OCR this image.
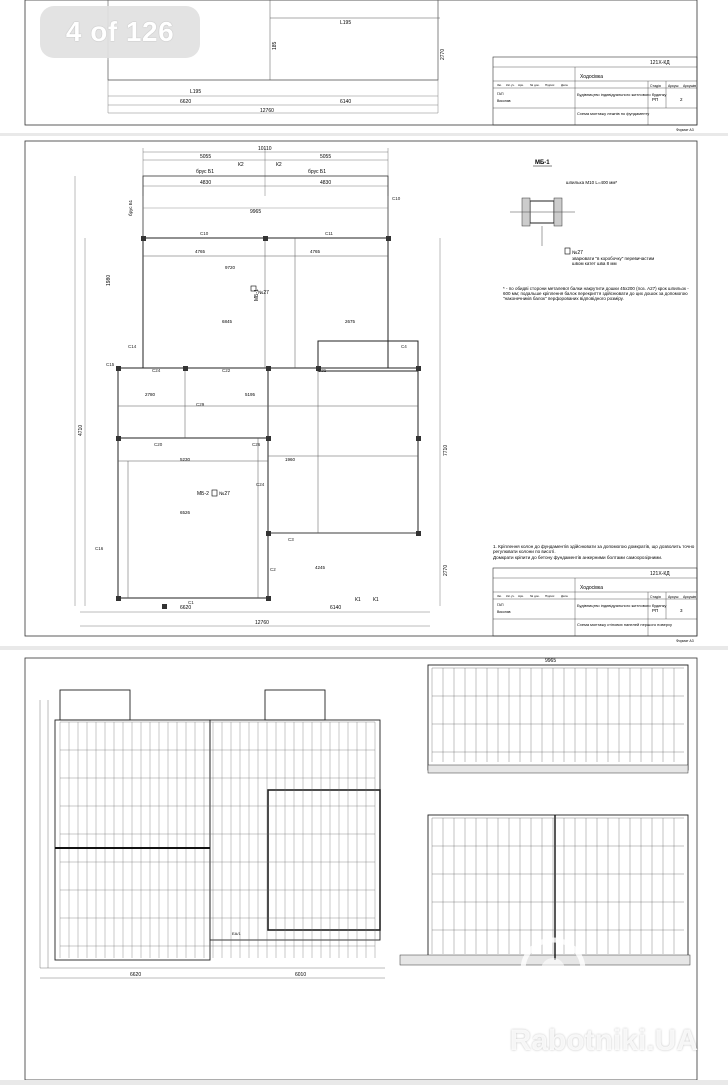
L195
L195
6620	6140
12760
2770
185
121Х-КД
Ходосівка
Будівництво індивідуального житлового будинку
Стадія Аркуш Аркушів
РП	2
Схема монтажу лежнів по фундаменту
Зм. Кіл.уч. Арк. № док. Підпис Дата
ГАП
Виконав
Формат А3
10110
5055	5055
4830	4830
К2	К2
брус Б1	брус Б1
9965
брус Б1
4765	4765
9720
6845	2675
5195
2780
5230	1960
6526
4245
МБ-1
№27
МБ-2 №27
C10	C11
C10
C14
C15
C24	C22	C21
C4
C20	C26
C16
C3
C1
C2
C29
C24
К1 К1
6620	6140
12760
4710
7710
2770
1980
МБ-1
шпилька М10 L=400 мм*
№27
зварювати "в коробочку" перевичастим швом катет шва 8 мм
* - по обидві сторони металевої балки накрутити дошки 45х200 (поз. А27) крок шпильок - 600 мм; подальше кріплення балок перекриття здійснювати до цих дошок за допомогою "наконечників балок" перфорованих відповідного розміру.
1. Кріплення колон до фундаментів здійснювати за допомогою домкратів, що дозволить точно регулювати колони по висоті.
Домкрати кріпити до бетону фундаментів анкерними болтами самоорозірними.
121Х-КД
Ходосівка
Будівництво індивідуального житлового будинку
Стадія Аркуш Аркушів
РП	3
Схема монтажу стінових панелей першого поверху
Зм. Кіл.уч. Арк. № док. Підпис Дата
ГАП
Виконав
Формат А3
6620	6010
ЕА/1
9965
4 of 126
Rabotniki.UA
